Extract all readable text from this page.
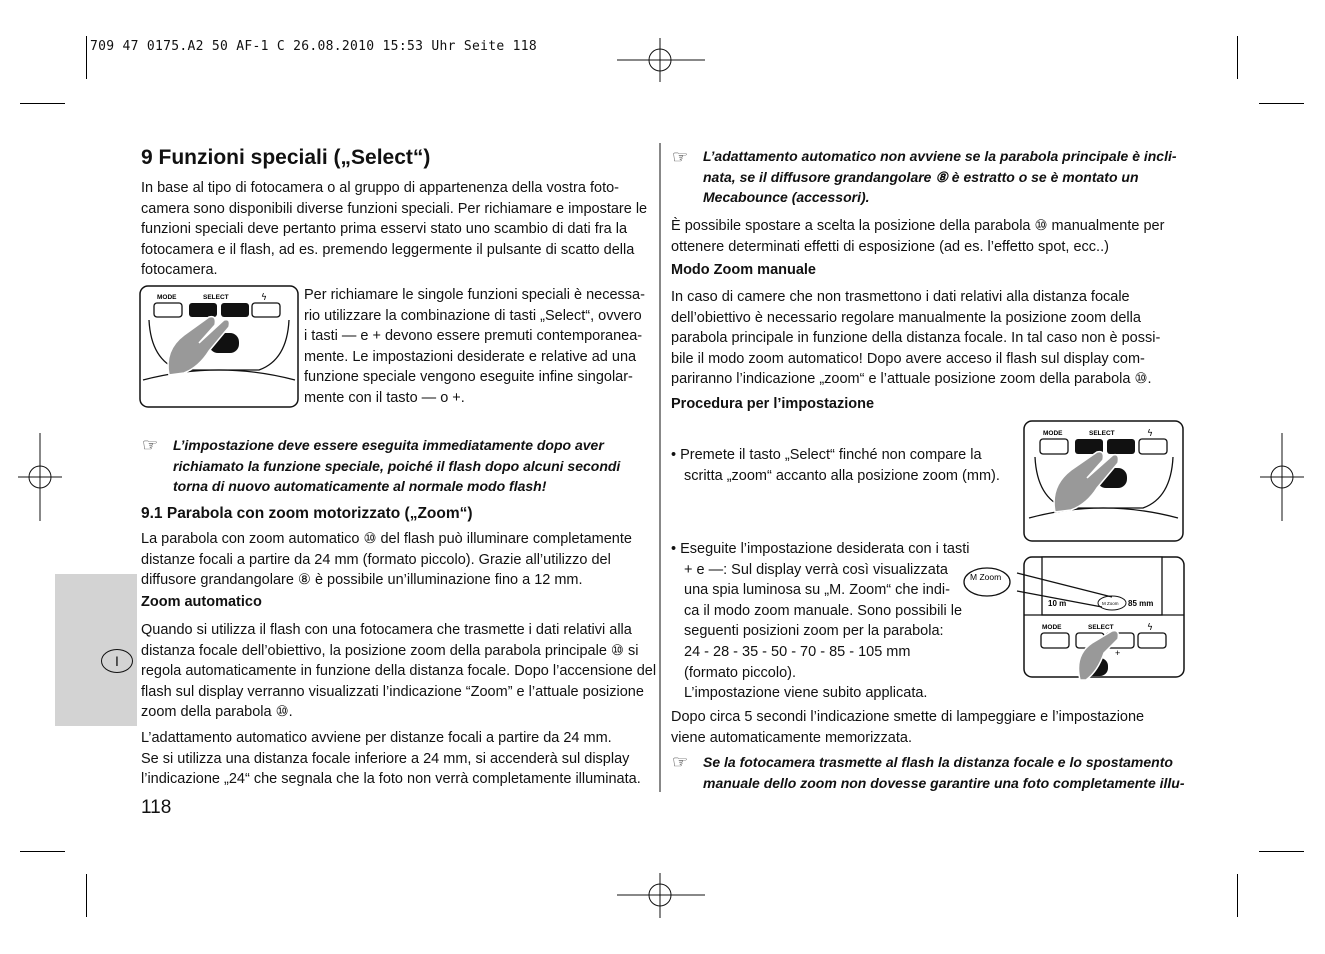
709 47 0175.A2 50 AF-1 C 26.08.2010 15:53 Uhr Seite 118
I
9 Funzioni speciali („Select“)
In base al tipo di fotocamera o al gruppo di appartenenza della vostra foto-
camera sono disponibili diverse funzioni speciali. Per richiamare e impostare le
funzioni speciali deve pertanto prima esservi stato uno scambio di dati fra la
fotocamera e il flash, ad es. premendo leggermente il pulsante di scatto della
fotocamera.
MODE	SELECT	ϟ	Per richiamare le singole funzioni speciali è necessa-
rio utilizzare la combinazione di tasti „Select“, ovvero
i tasti — e + devono essere premuti contemporanea-
mente. Le impostazioni desiderate e relative ad una
funzione speciale vengono eseguite infine singolar-
mente con il tasto — o +.
☞ L’impostazione deve essere eseguita immediatamente dopo aver
richiamato la funzione speciale, poiché il flash dopo alcuni secondi
torna di nuovo automaticamente al normale modo flash!
9.1 Parabola con zoom motorizzato („Zoom“)
La parabola con zoom automatico ⑩ del flash può illuminare completamente
distanze focali a partire da 24 mm (formato piccolo). Grazie all’utilizzo del
diffusore grandangolare ⑧ è possibile un’illuminazione fino a 12 mm.
Zoom automatico
Quando si utilizza il flash con una fotocamera che trasmette i dati relativi alla
distanza focale dell’obiettivo, la posizione zoom della parabola principale ⑩ si
regola automaticamente in funzione della distanza focale. Dopo l’accensione del
flash sul display verranno visualizzati l’indicazione “Zoom” e l’attuale posizione
zoom della parabola ⑩.
L’adattamento automatico avviene per distanze focali a partire da 24 mm.
Se si utilizza una distanza focale inferiore a 24 mm, si accenderà sul display
l’indicazione „24“ che segnala che la foto non verrà completamente illuminata.
118
☞ L’adattamento automatico non avviene se la parabola principale è incli-
nata, se il diffusore grandangolare ⑧ è estratto o se è montato un
Mecabounce (accessori).
È possibile spostare a scelta la posizione della parabola ⑩ manualmente per
ottenere determinati effetti di esposizione (ad es. l’effetto spot, ecc..)
Modo Zoom manuale
In caso di camere che non trasmettono i dati relativi alla distanza focale
dell’obiettivo è necessario regolare manualmente la posizione zoom della
parabola principale in funzione della distanza focale. In tal caso non è possi-
bile il modo zoom automatico! Dopo avere acceso il flash sul display com-
pariranno l’indicazione „zoom“ e l’attuale posizione zoom della parabola ⑩.
Procedura per l’impostazione
• Premete il tasto „Select“ finché non compare la
scritta „zoom“ accanto alla posizione zoom (mm).
MODE	SELECT	ϟ
• Eseguite l’impostazione desiderata con i tasti
+ e —: Sul display verrà così visualizzata
una spia luminosa su „M. Zoom“ che indi-
ca il modo zoom manuale. Sono possibili le
seguenti posizioni zoom per la parabola:
24 - 28 - 35 - 50 - 70 - 85 - 105 mm
(formato piccolo).
L’impostazione viene subito applicata.
10 m	M Zoom 85 mm
M Zoom
MODE	SELECT	ϟ
+
Dopo circa 5 secondi l’indicazione smette di lampeggiare e l’impostazione
viene automaticamente memorizzata.
☞ Se la fotocamera trasmette al flash la distanza focale e lo spostamento
manuale dello zoom non dovesse garantire una foto completamente illu-
